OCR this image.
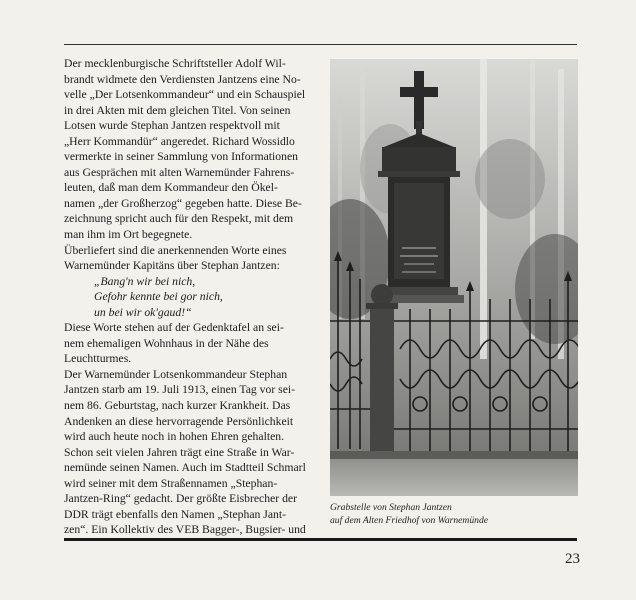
Der mecklenburgische Schriftsteller Adolf Wil-

brandt widmete den Verdiensten Jantzens eine No-

velle „Der Lotsenkommandeur“ und ein Schauspiel

in drei Akten mit dem gleichen Titel. Von seinen

Lotsen wurde Stephan Jantzen respektvoll mit

„Herr Kommandür“ angeredet. Richard Wossidlo

vermerkte in seiner Sammlung von Informationen

aus Gesprächen mit alten Warnemünder Fahrens-

leuten, daß man dem Kommandeur den Ökel-

namen „der Großherzog“ gegeben hatte. Diese Be-

zeichnung spricht auch für den Respekt, mit dem

man ihm im Ort begegnete.

Überliefert sind die anerkennenden Worte eines

Warnemünder Kapitäns über Stephan Jantzen:

„Bang'n wir bei nich,

Gefohr kennte bei gor nich,

un bei wir ok'gaud!“

Diese Worte stehen auf der Gedenktafel an sei-

nem ehemaligen Wohnhaus in der Nähe des

Leuchtturmes.

Der Warnemünder Lotsenkommandeur Stephan

Jantzen starb am 19. Juli 1913, einen Tag vor sei-

nem 86. Geburtstag, nach kurzer Krankheit. Das

Andenken an diese hervorragende Persönlichkeit

wird auch heute noch in hohen Ehren gehalten.

Schon seit vielen Jahren trägt eine Straße in War-

nemünde seinen Namen. Auch im Stadtteil Schmarl

wird seiner mit dem Straßennamen „Stephan-

Jantzen-Ring“ gedacht. Der größte Eisbrecher der

DDR trägt ebenfalls den Namen „Stephan Jant-

zen“. Ein Kollektiv des VEB Bagger-, Bugsier- und

Grabstelle von Stephan Jantzen
auf dem Alten Friedhof von Warnemünde
23
